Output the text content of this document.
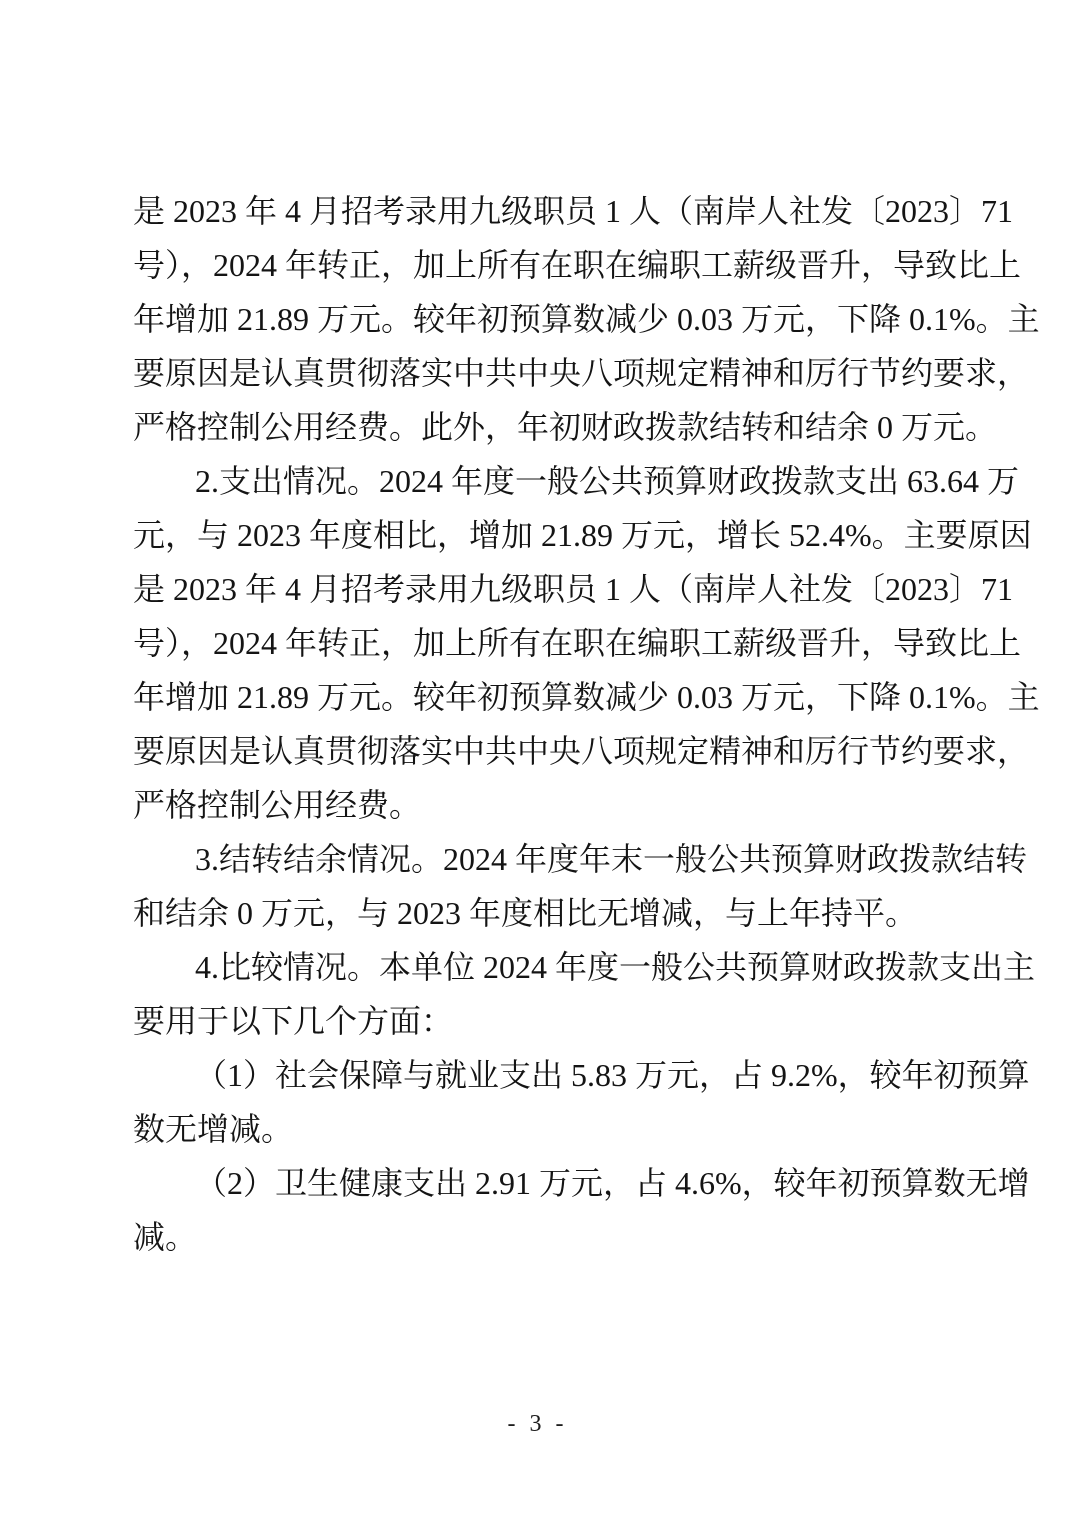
是 2023 年 4 月招考录用九级职员 1 人（南岸人社发〔2023〕71
号），2024 年转正，加上所有在职在编职工薪级晋升，导致比上
年增加 21.89 万元。较年初预算数减少 0.03 万元，下降 0.1%。主
要原因是认真贯彻落实中共中央八项规定精神和厉行节约要求，
严格控制公用经费。此外，年初财政拨款结转和结余 0 万元。
2.支出情况。2024 年度一般公共预算财政拨款支出 63.64 万
元，与 2023 年度相比，增加 21.89 万元，增长 52.4%。主要原因
是 2023 年 4 月招考录用九级职员 1 人（南岸人社发〔2023〕71
号），2024 年转正，加上所有在职在编职工薪级晋升，导致比上
年增加 21.89 万元。较年初预算数减少 0.03 万元，下降 0.1%。主
要原因是认真贯彻落实中共中央八项规定精神和厉行节约要求，
严格控制公用经费。
3.结转结余情况。2024 年度年末一般公共预算财政拨款结转
和结余 0 万元，与 2023 年度相比无增减，与上年持平。
4.比较情况。本单位 2024 年度一般公共预算财政拨款支出主
要用于以下几个方面：
（1）社会保障与就业支出 5.83 万元，占 9.2%，较年初预算
数无增减。
（2）卫生健康支出 2.91 万元，占 4.6%，较年初预算数无增
减。
- 3 -
